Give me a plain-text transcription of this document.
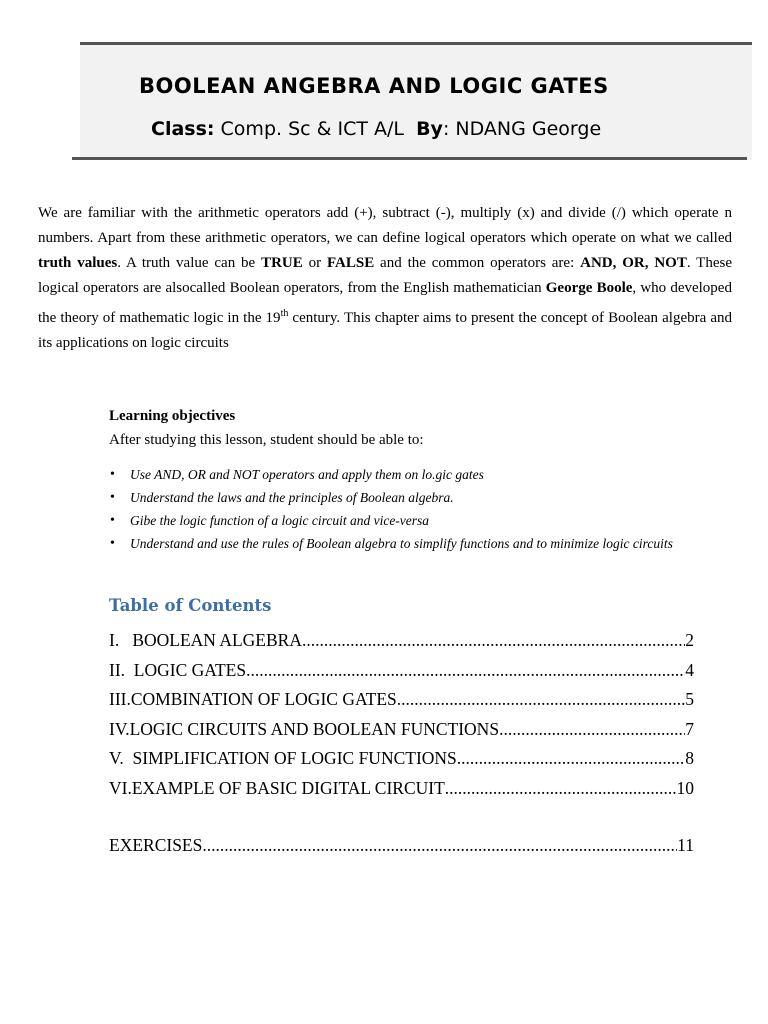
BOOLEAN ANGEBRA AND LOGIC GATES
Class: Comp. Sc & ICT A/L By: NDANG George

We are familiar with the arithmetic operators add (+), subtract (-), multiply (x) and divide (/) which operate n numbers. Apart from these arithmetic operators, we can define logical operators which operate on what we called truth values. A truth value can be TRUE or FALSE and the common operators are: AND, OR, NOT. These logical operators are alsocalled Boolean operators, from the English mathematician George Boole, who developed the theory of mathematic logic in the 19th century. This chapter aims to present the concept of Boolean algebra and its applications on logic circuits

Learning objectives
After studying this lesson, student should be able to:
• Use AND, OR and NOT operators and apply them on lo.gic gates
• Understand the laws and the principles of Boolean algebra.
• Gibe the logic function of a logic circuit and vice-versa
• Understand and use the rules of Boolean algebra to simplify functions and to minimize logic circuits
Table of Contents
I. BOOLEAN ALGEBRA .....	2
II. LOGIC GATES .....	4
III. COMBINATION OF LOGIC GATES .....	5
IV. LOGIC CIRCUITS AND BOOLEAN FUNCTIONS .....	7
V. SIMPLIFICATION OF LOGIC FUNCTIONS .....	8
VI. EXAMPLE OF BASIC DIGITAL CIRCUIT .....	10
EXERCISES .....	11
